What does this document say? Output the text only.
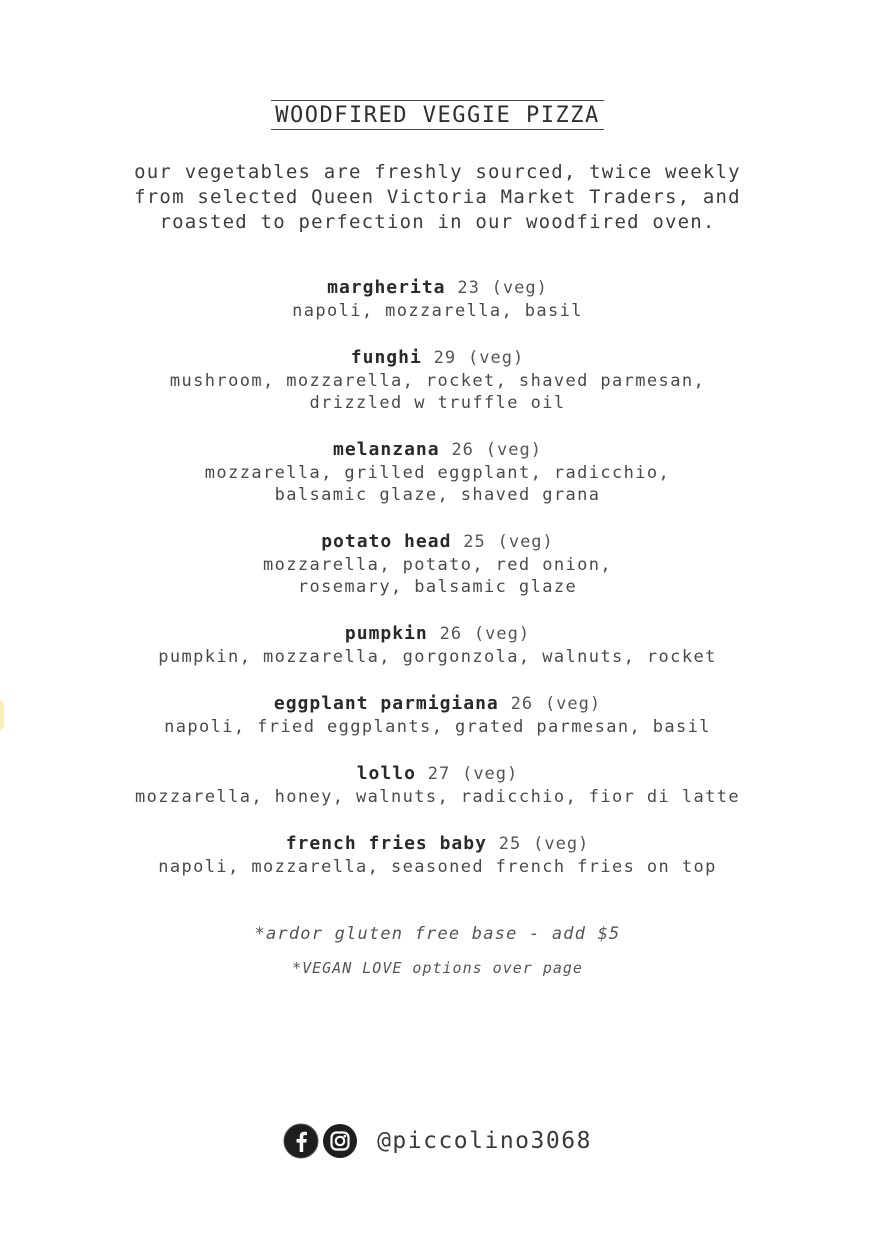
WOODFIRED VEGGIE PIZZA
our vegetables are freshly sourced, twice weekly
from selected Queen Victoria Market Traders, and
roasted to perfection in our woodfired oven.
margherita 23 (veg)
napoli, mozzarella, basil
funghi 29 (veg)
mushroom, mozzarella, rocket, shaved parmesan,
drizzled w truffle oil
melanzana 26 (veg)
mozzarella, grilled eggplant, radicchio,
balsamic glaze, shaved grana
potato head 25 (veg)
mozzarella, potato, red onion,
rosemary, balsamic glaze
pumpkin 26 (veg)
pumpkin, mozzarella, gorgonzola, walnuts, rocket
eggplant parmigiana 26 (veg)
napoli, fried eggplants, grated parmesan, basil
lollo 27 (veg)
mozzarella, honey, walnuts, radicchio, fior di latte
french fries baby 25 (veg)
napoli, mozzarella, seasoned french fries on top
*ardor gluten free base - add $5
*VEGAN LOVE options over page
@piccolino3068
